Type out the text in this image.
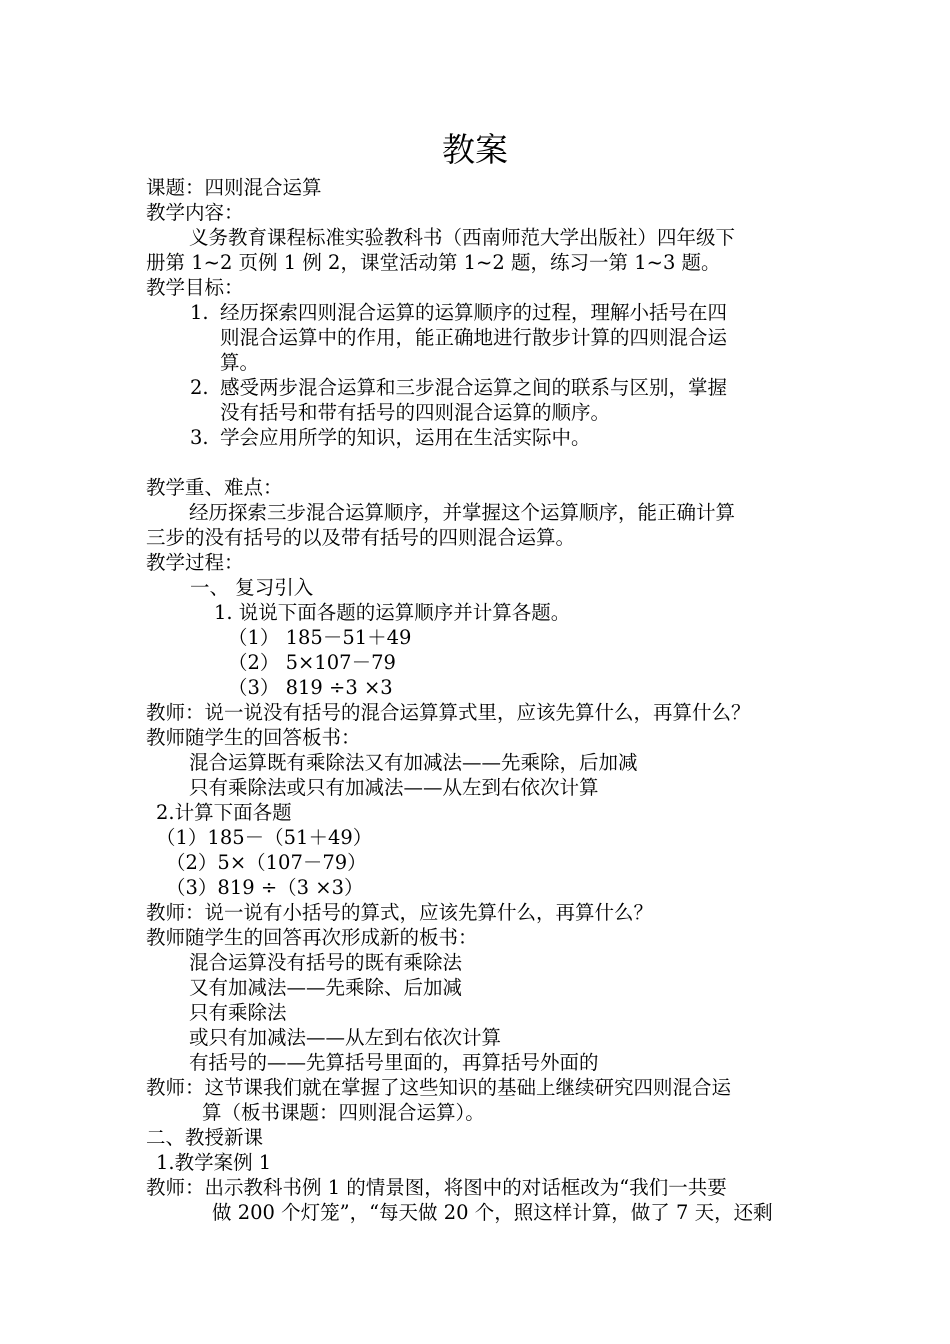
教案
课题：四则混合运算
教学内容：
义务教育课程标准实验教科书（西南师范大学出版社）四年级下
册第 1~2 页例 1 例 2，课堂活动第 1~2 题，练习一第 1~3 题。
教学目标：
1. 经历探索四则混合运算的运算顺序的过程，理解小括号在四
则混合运算中的作用，能正确地进行散步计算的四则混合运
算。
2. 感受两步混合运算和三步混合运算之间的联系与区别，掌握
没有括号和带有括号的四则混合运算的顺序。
3. 学会应用所学的知识，运用在生活实际中。
教学重、难点：
经历探索三步混合运算顺序，并掌握这个运算顺序，能正确计算
三步的没有括号的以及带有括号的四则混合运算。
教学过程：
一、 复习引入
1. 说说下面各题的运算顺序并计算各题。
（1） 185－51＋49
（2） 5×107－79
（3） 819 ÷3 ×3
教师：说一说没有括号的混合运算算式里，应该先算什么，再算什么？
教师随学生的回答板书：
混合运算既有乘除法又有加减法——先乘除，后加减
只有乘除法或只有加减法——从左到右依次计算
2.计算下面各题
（1）185－（51＋49）
（2）5×（107－79）
（3）819 ÷（3 ×3）
教师：说一说有小括号的算式，应该先算什么，再算什么？
教师随学生的回答再次形成新的板书：
混合运算没有括号的既有乘除法
又有加减法——先乘除、后加减
只有乘除法
或只有加减法——从左到右依次计算
有括号的——先算括号里面的，再算括号外面的
教师：这节课我们就在掌握了这些知识的基础上继续研究四则混合运
算（板书课题：四则混合运算）。
二、教授新课
1.教学案例 1
教师：出示教科书例 1 的情景图，将图中的对话框改为“我们一共要
做 200 个灯笼”，“每天做 20 个，照这样计算，做了 7 天，还剩
